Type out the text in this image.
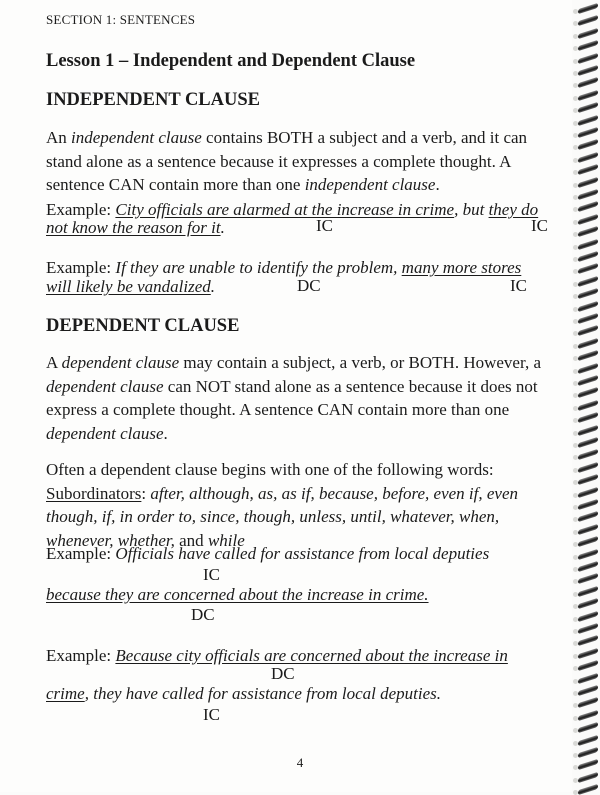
SECTION 1: SENTENCES
Lesson 1 – Independent and Dependent Clause
INDEPENDENT CLAUSE
An independent clause contains BOTH a subject and a verb, and it can
stand alone as a sentence because it expresses a complete thought. A
sentence CAN contain more than one independent clause.
Example: City officials are alarmed at the increase in crime, but they do
not know the reason for it.	IC	IC
Example: If they are unable to identify the problem, many more stores
will likely be vandalized.	DC	IC
DEPENDENT CLAUSE
A dependent clause may contain a subject, a verb, or BOTH. However, a
dependent clause can NOT stand alone as a sentence because it does not
express a complete thought. A sentence CAN contain more than one
dependent clause.
Often a dependent clause begins with one of the following words:
Subordinators: after, although, as, as if, because, before, even if, even
though, if, in order to, since, though, unless, until, whatever, when,
whenever, whether, and while
Example: Officials have called for assistance from local deputies
IC
because they are concerned about the increase in crime.
DC
Example: Because city officials are concerned about the increase in
DC
crime, they have called for assistance from local deputies.
IC
4
